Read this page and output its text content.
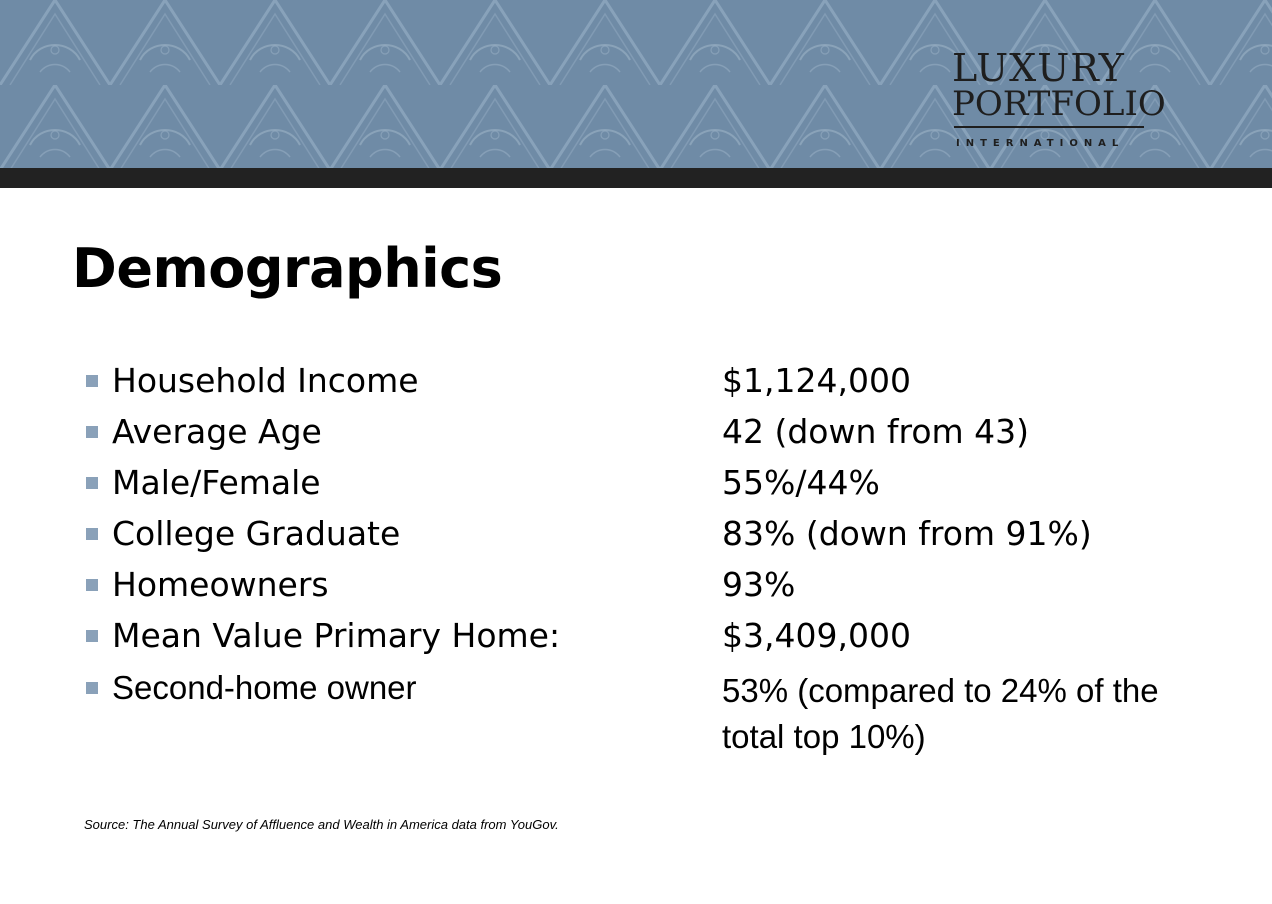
LUXURY
PORTFOLIO
INTERNATIONAL
Demographics
Household Income	$1,124,000
Average Age	42 (down from 43)
Male/Female	55%/44%
College Graduate	83% (down from 91%)
Homeowners	93%
Mean Value Primary Home:	$3,409,000
Second-home owner	53% (compared to 24% of the total top 10%)
Source: The Annual Survey of Affluence and Wealth in America data from YouGov.
